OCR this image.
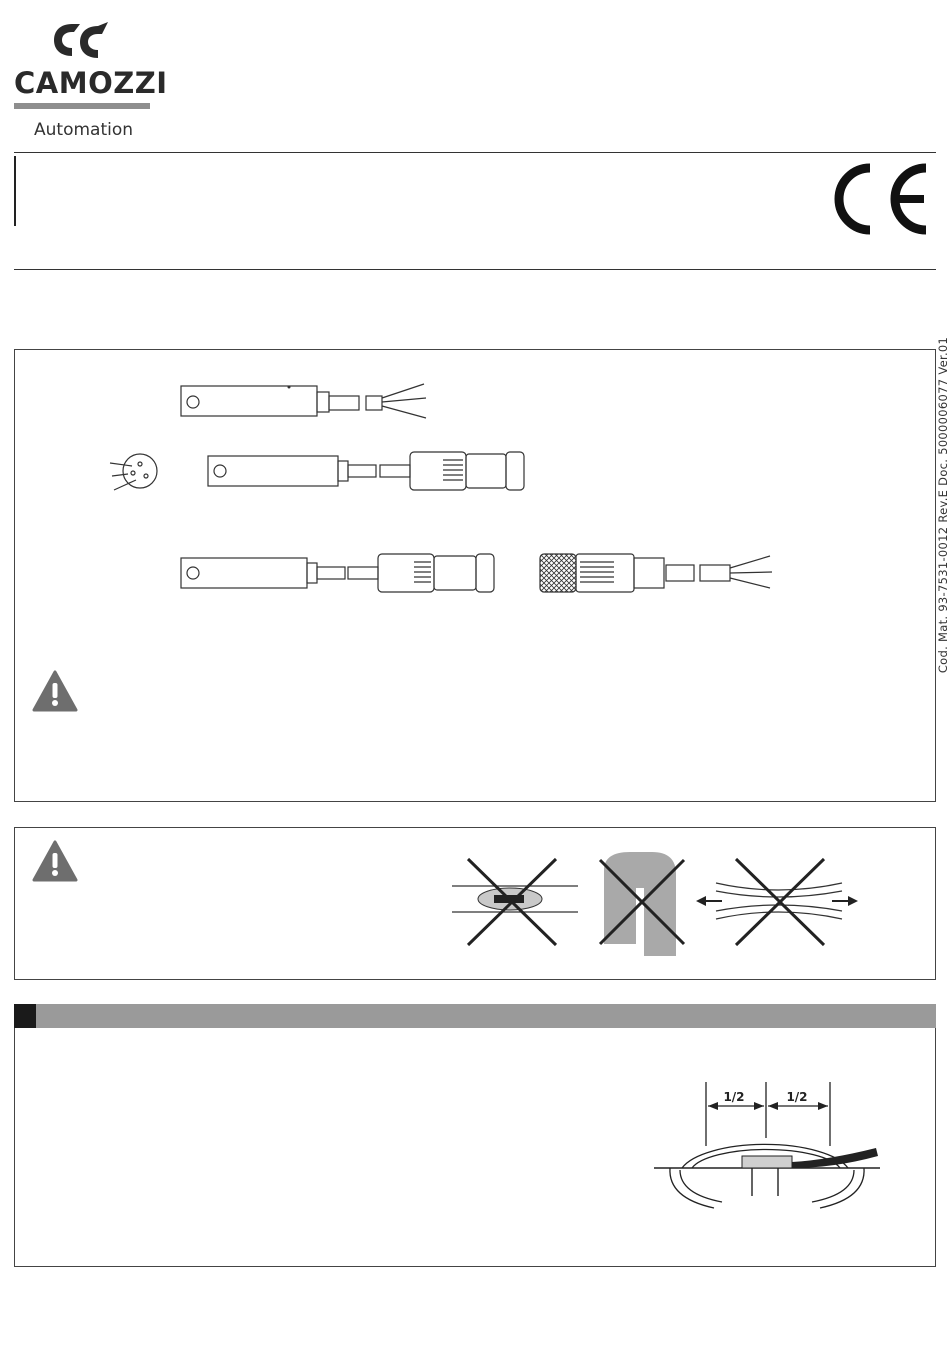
CAMOZZI
Automation
Cod. Mat. 93-7531-0012 Rev.E Doc. 5000006077 Ver.01
1/2	1/2
